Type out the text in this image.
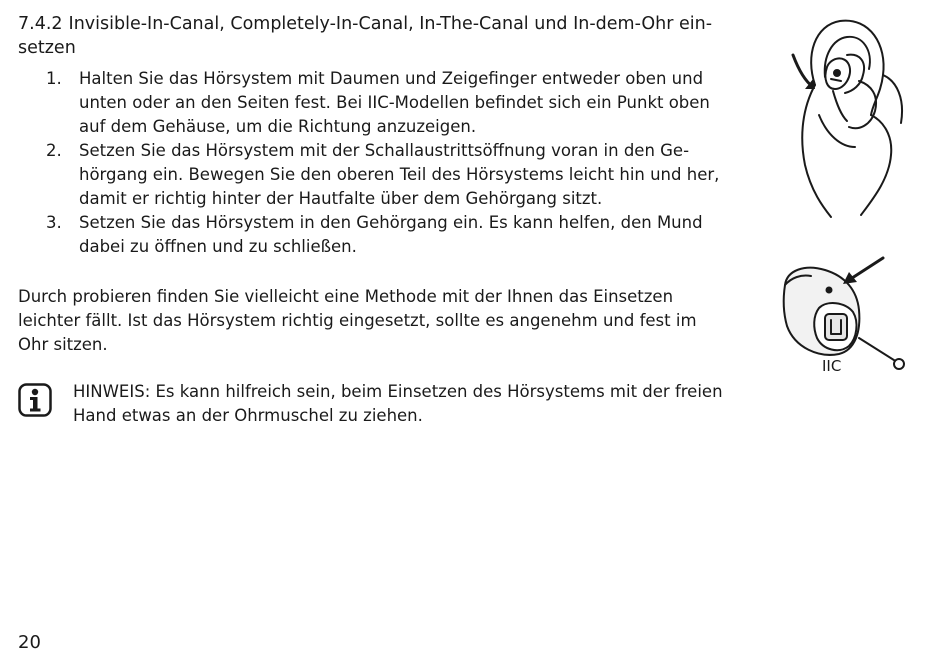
7.4.2 Invisible-In-Canal, Completely-In-Canal, In-The-Canal und In-dem-Ohr ein-setzen
1. Halten Sie das Hörsystem mit Daumen und Zeigefinger entweder oben und unten oder an den Seiten fest. Bei IIC-Modellen befindet sich ein Punkt oben auf dem Gehäuse, um die Richtung anzuzeigen.
2. Setzen Sie das Hörsystem mit der Schallaustrittsöffnung voran in den Ge-hörgang ein. Bewegen Sie den oberen Teil des Hörsystems leicht hin und her, damit er richtig hinter der Hautfalte über dem Gehörgang sitzt.
3. Setzen Sie das Hörsystem in den Gehörgang ein. Es kann helfen, den Mund dabei zu öffnen und zu schließen.

Durch probieren finden Sie vielleicht eine Methode mit der Ihnen das Einsetzen leichter fällt. Ist das Hörsystem richtig eingesetzt, sollte es angenehm und fest im Ohr sitzen.

HINWEIS: Es kann hilfreich sein, beim Einsetzen des Hörsystems mit der freien Hand etwas an der Ohrmuschel zu ziehen.

IIC
20
